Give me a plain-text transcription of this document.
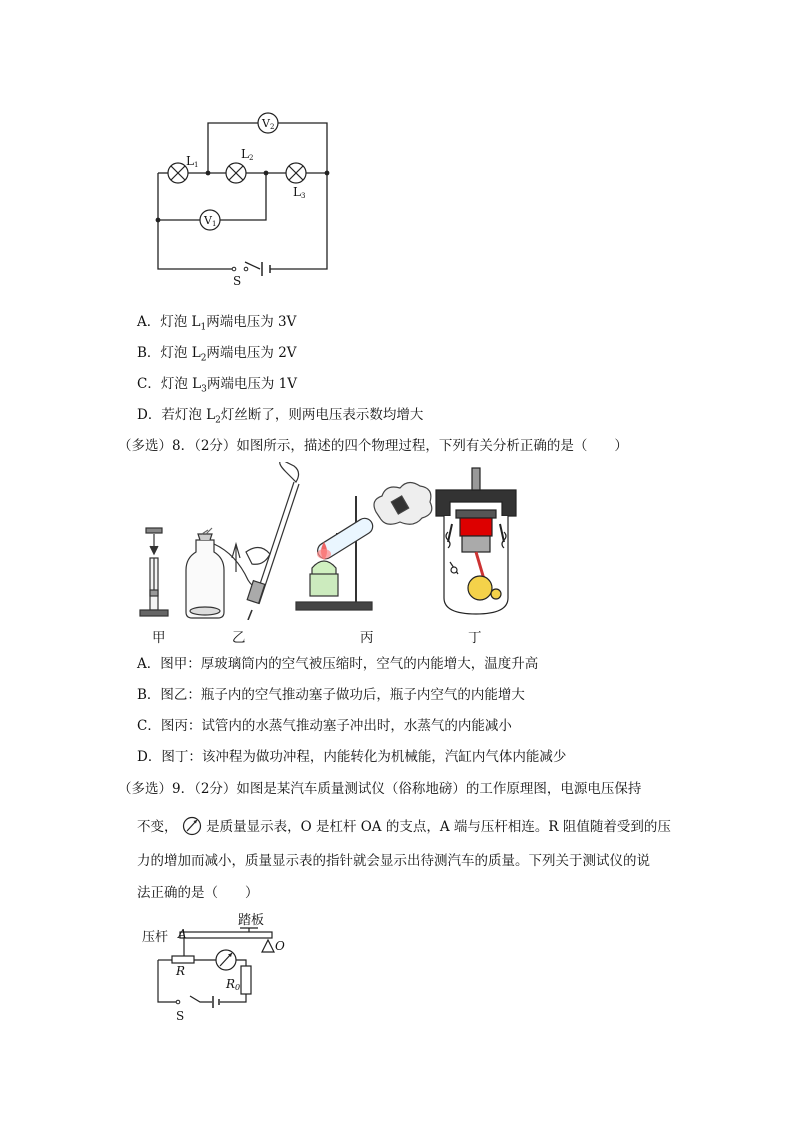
V2
V1
L1
L2
L3
S
A．灯泡 $L_1$两端电压为 3V
B．灯泡 $L_2$两端电压为 2V
C．灯泡 $L_3$两端电压为 1V
D．若灯泡 $L_2$灯丝断了，则两电压表示数均增大
（多选）8．（2分）如图所示，描述的四个物理过程，下列有关分析正确的是（　　）
甲	乙	丙	丁
A．图甲：厚玻璃筒内的空气被压缩时，空气的内能增大，温度升高
B．图乙：瓶子内的空气推动塞子做功后，瓶子内空气的内能增大
C．图丙：试管内的水蒸气推动塞子冲出时，水蒸气的内能减小
D．图丁：该冲程为做功冲程，内能转化为机械能，汽缸内气体内能减少
（多选）9．（2分）如图是某汽车质量测试仪（俗称地磅）的工作原理图，电源电压保持
不变， 是质量显示表，O 是杠杆 OA 的支点，A 端与压杆相连。R 阻值随着受到的压
力的增加而减小，质量显示表的指针就会显示出待测汽车的质量。下列关于测试仪的说
法正确的是（　　）
压杆 A
踏板
O
R
R0
S
